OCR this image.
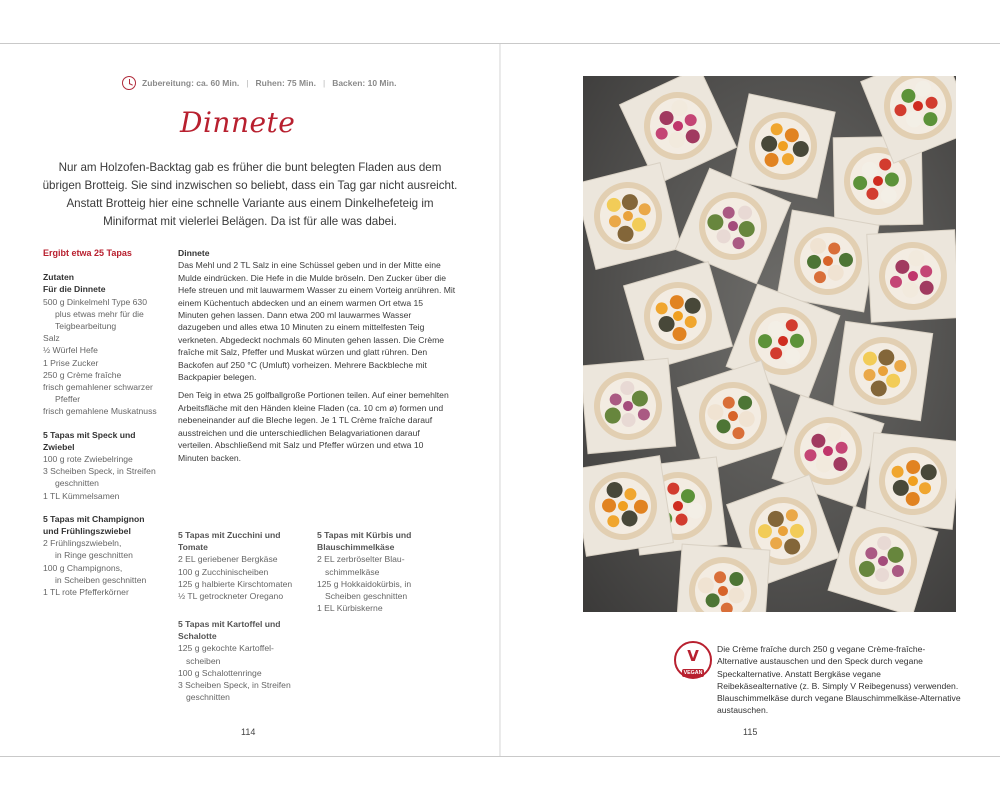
Zubereitung: ca. 60 Min. | Ruhen: 75 Min. | Backen: 10 Min.
Dinnete
Nur am Holzofen-Backtag gab es früher die bunt belegten Fladen aus dem übrigen Brotteig. Sie sind inzwischen so beliebt, dass ein Tag gar nicht ausreicht. Anstatt Brotteig hier eine schnelle Variante aus einem Dinkelhefeteig im Miniformat mit vielerlei Belägen. Da ist für alle was dabei.
Ergibt etwa 25 Tapas
Zutaten
Für die Dinnete
500 g Dinkelmehl Type 630
plus etwas mehr für die
Teigbearbeitung
Salz
½ Würfel Hefe
1 Prise Zucker
250 g Crème fraîche
frisch gemahlener schwarzer
Pfeffer
frisch gemahlene Muskatnuss
5 Tapas mit Speck und
Zwiebel
100 g rote Zwiebelringe
3 Scheiben Speck, in Streifen
geschnitten
1 TL Kümmelsamen
5 Tapas mit Champignon
und Frühlingszwiebel
2 Frühlingszwiebeln,
in Ringe geschnitten
100 g Champignons,
in Scheiben geschnitten
1 TL rote Pfefferkörner
Dinnete

Das Mehl und 2 TL Salz in eine Schüssel geben und in der Mitte eine Mulde eindrücken. Die Hefe in die Mulde bröseln. Den Zucker über die Hefe streuen und mit lauwarmem Wasser zu einem Vorteig anrühren. Mit einem Küchentuch abdecken und an einem warmen Ort etwa 15 Minuten gehen lassen. Dann etwa 200 ml lauwarmes Wasser dazugeben und alles etwa 10 Minuten zu einem mittelfesten Teig verkneten. Abgedeckt nochmals 60 Minuten gehen lassen. Die Crème fraîche mit Salz, Pfeffer und Muskat würzen und glatt rühren. Den Backofen auf 250 °C (Umluft) vorheizen. Mehrere Backbleche mit Backpapier belegen.

Den Teig in etwa 25 golfballgroße Portionen teilen. Auf einer bemehlten Arbeitsfläche mit den Händen kleine Fladen (ca. 10 cm ø) formen und nebeneinander auf die Bleche legen. Je 1 TL Crème fraîche darauf ausstreichen und die unterschiedlichen Belagvariationen darauf verteilen. Abschließend mit Salz und Pfeffer würzen und etwa 10 Minuten backen.

5 Tapas mit Zucchini und
Tomate
2 EL geriebener Bergkäse
100 g Zucchinischeiben
125 g halbierte Kirschtomaten
½ TL getrockneter Oregano
5 Tapas mit Kartoffel und
Schalotte
125 g gekochte Kartoffel-
scheiben
100 g Schalottenringe
3 Scheiben Speck, in Streifen
geschnitten
5 Tapas mit Kürbis und
Blauschimmelkäse
2 EL zerbröselter Blau-
schimmelkäse
125 g Hokkaidokürbis, in
Scheiben geschnitten
1 EL Kürbiskerne
114
V
VEGAN
Die Crème fraîche durch 250 g vegane Crème-fraîche-Alternative austauschen und den Speck durch vegane Speckalternative. Anstatt Bergkäse vegane Reibekäsealternative (z. B. Simply V Reibegenuss) verwenden. Blauschimmelkäse durch vegane Blauschimmelkäse-Alternative austauschen.
115
